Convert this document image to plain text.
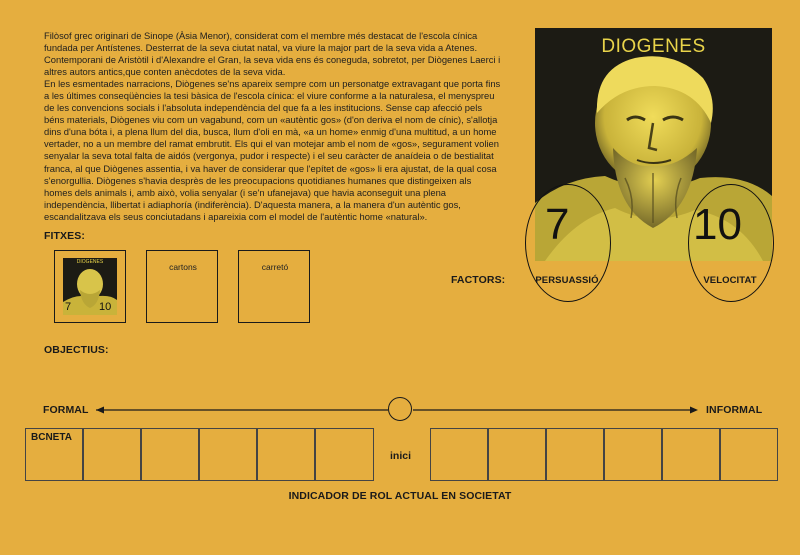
Filòsof grec originari de Sinope (Àsia Menor), considerat com el membre més destacat de l'escola cínica fundada per Antístenes. Desterrat de la seva ciutat natal, va viure la major part de la seva vida a Atenes. Contemporani de Aristòtil i d'Alexandre el Gran, la seva vida ens és coneguda, sobretot, per Diògenes Laerci i altres autors antics,que conten anècdotes de la seva vida.

En les esmentades narracions, Diògenes se'ns apareix sempre com un personatge extravagant que porta fins a les últimes conseqüències la tesi bàsica de l'escola cínica: el viure conforme a la naturalesa, el menyspreu de les convencions socials i l'absoluta independència del que fa a les institucions. Sense cap afecció pels béns materials, Diògenes viu com un vagabund, com un «autèntic gos» (d'on deriva el nom de cínic), s'allotja dins d'una bóta i, a plena llum del dia, busca, llum d'oli en mà, «a un home» enmig d'una multitud, a un home vertader, no a un membre del ramat embrutit. Els qui el van motejar amb el nom de «gos», segurament volien senyalar la seva total falta de aidós (vergonya, pudor i respecte) i el seu caràcter de anaídeia o de bestialitat franca, al que Diògenes assentia, i va haver de considerar que l'epítet de «gos» li era ajustat, de la qual cosa s'enorgullia. Diògenes s'havia desprès de les preocupacions quotidianes humanes que distingeixen als homes dels animals i, amb això, volia senyalar (i se'n ufanejava) que havia aconseguit una plena independència, llibertat i adiaphoría (indiferència). D'aquesta manera, a la manera d'un autèntic gos, escandalitzava els seus conciutadans i apareixia com el model de l'autèntic home «natural».

DIOGENES
7	10
FACTORS:	PERSUASSIÓ	VELOCITAT
FITXES:
DIOGENES
7	10
cartons	carretó
OBJECTIUS:
FORMAL	INFORMAL
BCNETA
inici
INDICADOR DE ROL ACTUAL EN SOCIETAT
